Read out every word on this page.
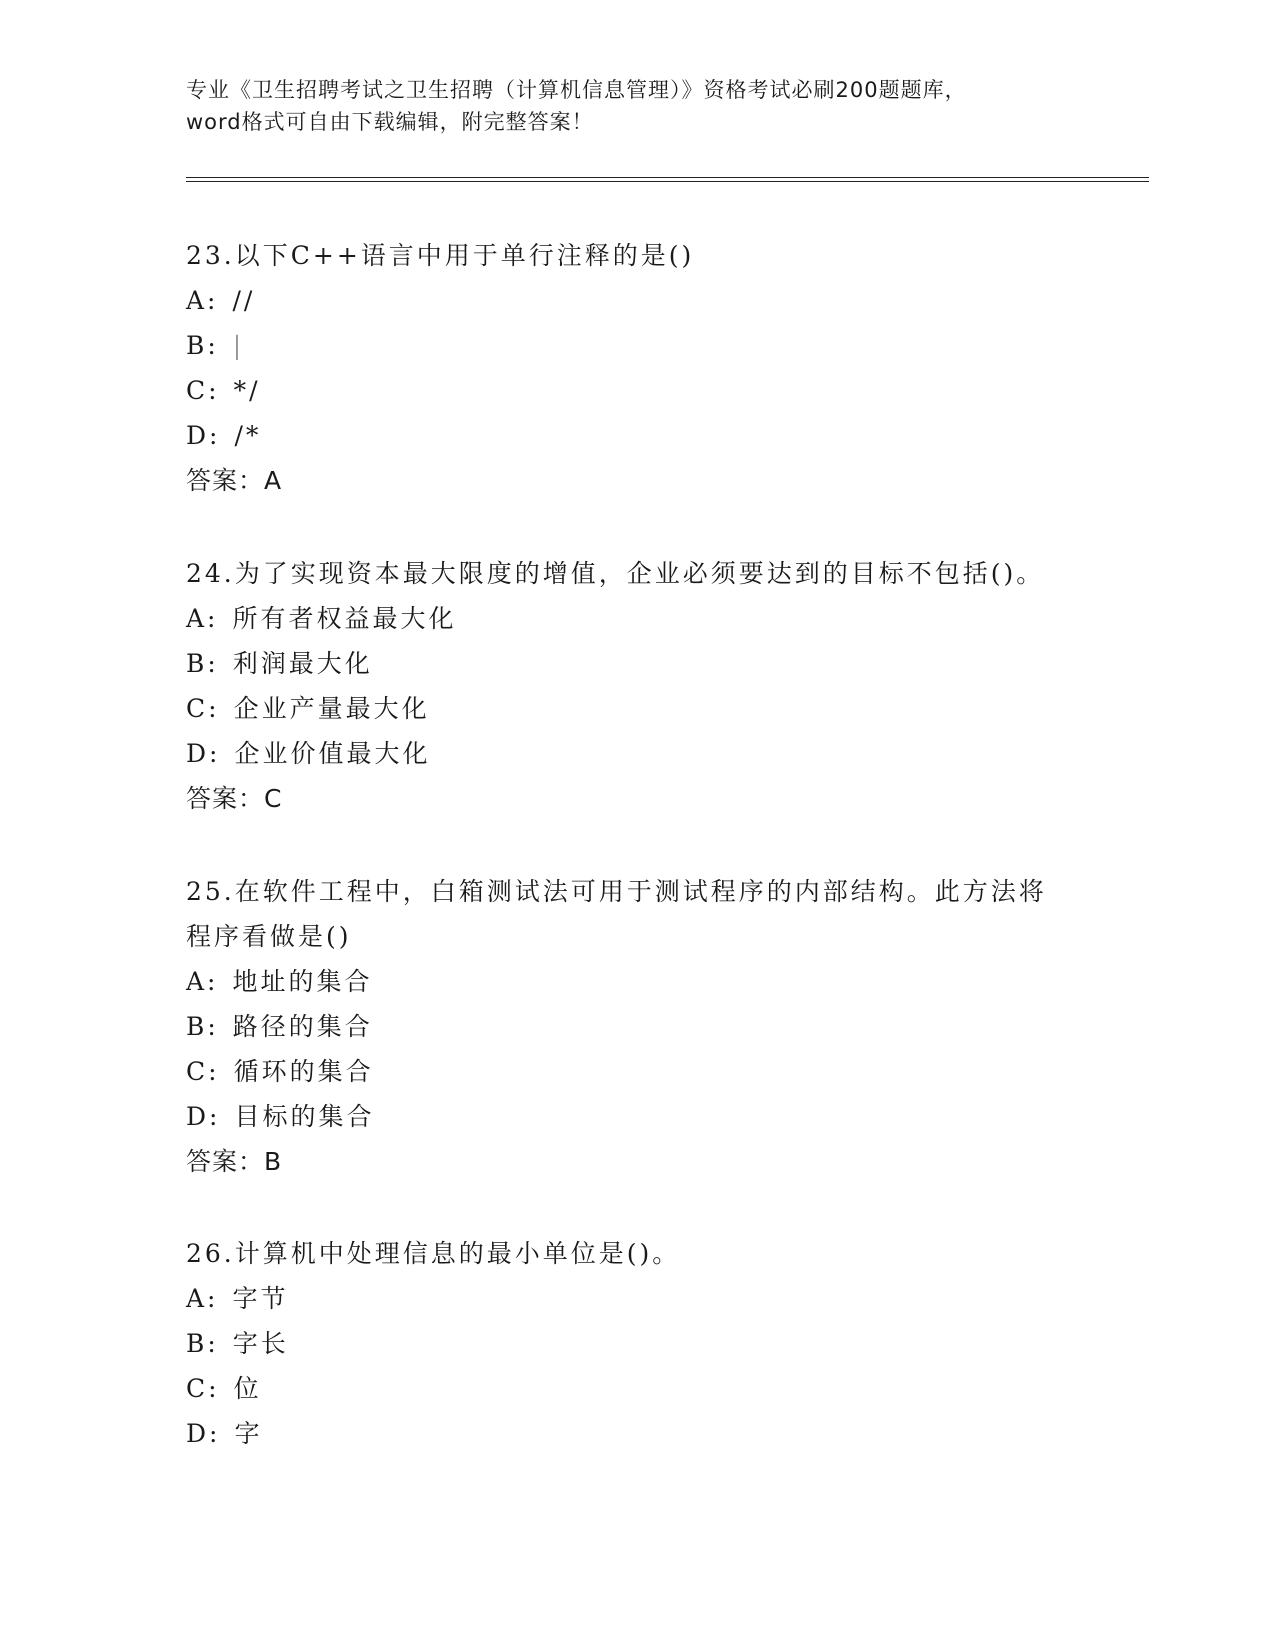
专业《卫生招聘考试之卫生招聘（计算机信息管理）》资格考试必刷200题题库，
word格式可自由下载编辑，附完整答案！
23.以下C++语言中用于单行注释的是()
A: //
B: |
C: */
D: /*
答案：A
24.为了实现资本最大限度的增值，企业必须要达到的目标不包括()。
A: 所有者权益最大化
B: 利润最大化
C: 企业产量最大化
D: 企业价值最大化
答案：C
25.在软件工程中，白箱测试法可用于测试程序的内部结构。此方法将
程序看做是()
A: 地址的集合
B: 路径的集合
C: 循环的集合
D: 目标的集合
答案：B
26.计算机中处理信息的最小单位是()。
A: 字节
B: 字长
C: 位
D: 字
